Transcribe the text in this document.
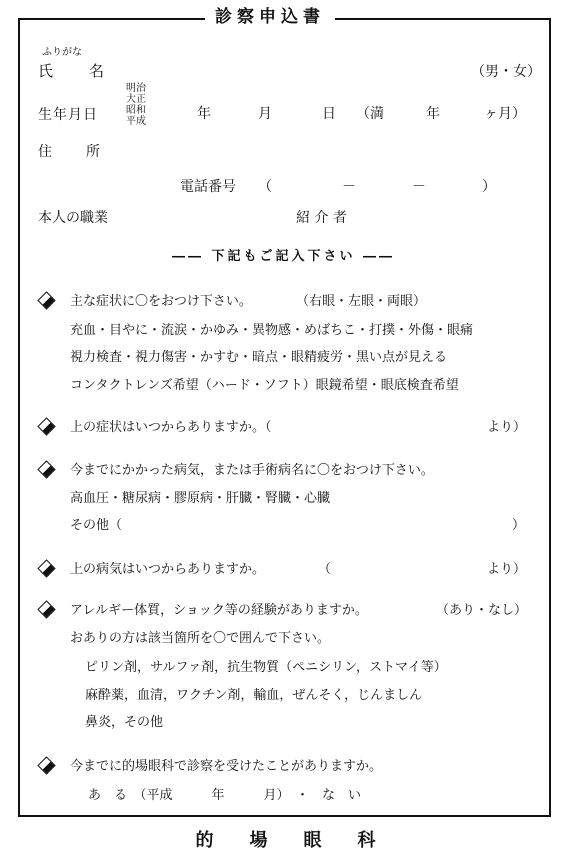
診察申込書
ふりがな
氏　　名	（男・女）
生年月日
明治
大正
昭和
平成	年	月	日 （満	年	ヶ月）
住　　所
電話番号 （　　　　　－　　　　－　　　　）
本人の職業	紹 介 者
―― 下記もご記入下さい ――
主な症状に〇をおつけ下さい。	（右眼・左眼・両眼）
充血・目やに・流涙・かゆみ・異物感・めばちこ・打撲・外傷・眼痛
視力検査・視力傷害・かすむ・暗点・眼精疲労・黒い点が見える
コンタクトレンズ希望（ハード・ソフト）眼鏡希望・眼底検査希望
上の症状はいつからありますか。（	より）
今までにかかった病気，または手術病名に〇をおつけ下さい。
高血圧・糖尿病・膠原病・肝臓・腎臓・心臓
その他（	）
上の病気はいつからありますか。	（	より）
アレルギー体質，ショック等の経験がありますか。	（あり・なし）
おありの方は該当箇所を〇で囲んで下さい。
ピリン剤，サルファ剤，抗生物質（ペニシリン，ストマイ等）
麻酔薬，血清，ワクチン剤，輸血，ぜんそく，じんましん
鼻炎，その他
今までに的場眼科で診察を受けたことがありますか。
あ　る　（平成　　　年　　　月）　・　な　い
的場眼科
